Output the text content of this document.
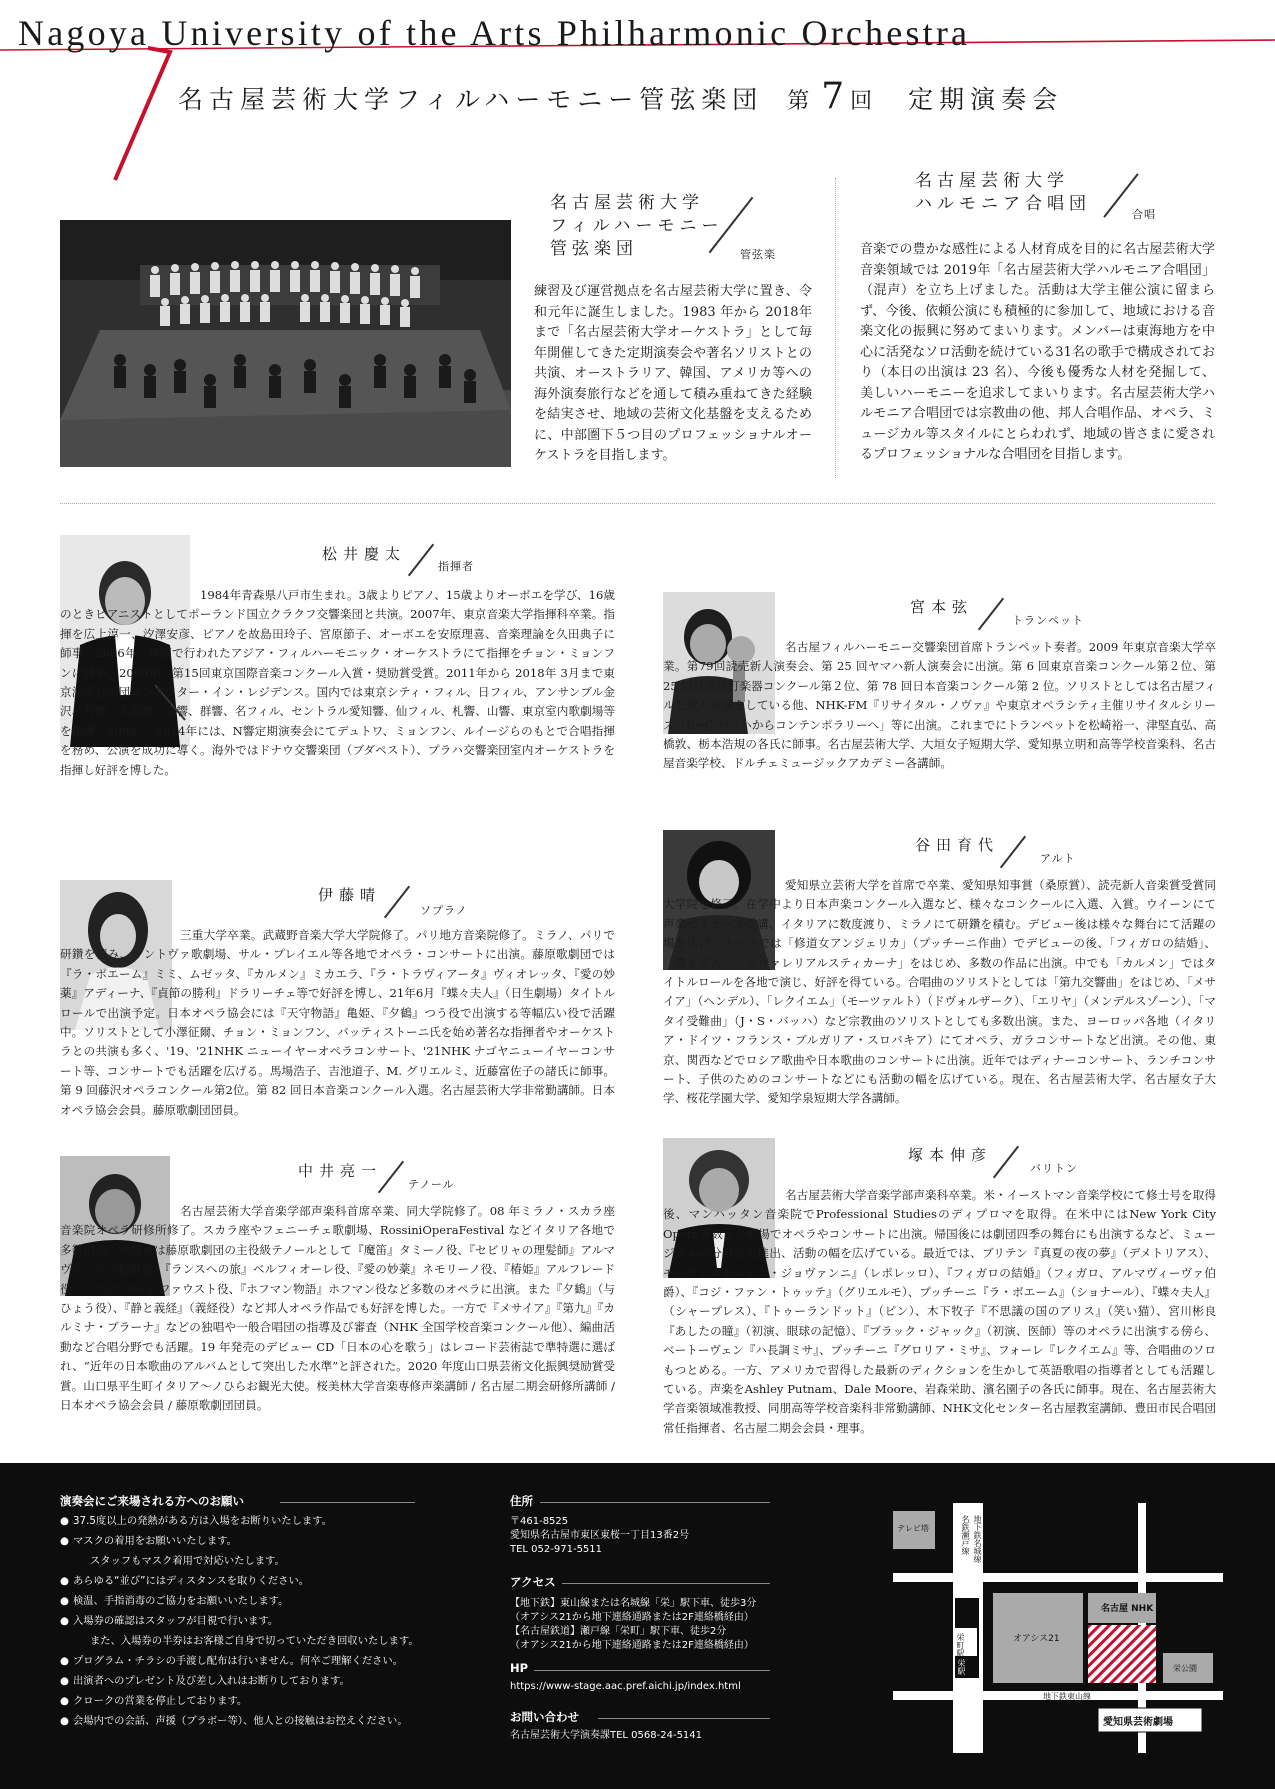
Nagoya University of the Arts Philharmonic Orchestra
名古屋芸術大学フィルハーモニー管弦楽団 第 7 回 定期演奏会
名古屋芸術大学
フィルハーモニー
管弦楽団	管弦楽
練習及び運営拠点を名古屋芸術大学に置き、令和元年に誕生しました。1983 年から 2018年まで「名古屋芸術大学オーケストラ」として毎年開催してきた定期演奏会や著名ソリストとの共演、オーストラリア、韓国、アメリカ等への海外演奏旅行などを通して積み重ねてきた経験を結実させ、地域の芸術文化基盤を支えるために、中部圏下５つ目のプロフェッショナルオーケストラを目指します。
名古屋芸術大学
ハルモニア合唱団
合唱
音楽での豊かな感性による人材育成を目的に名古屋芸術大学音楽領域では 2019年「名古屋芸術大学ハルモニア合唱団」（混声）を立ち上げました。活動は大学主催公演に留まらず、今後、依頼公演にも積極的に参加して、地域における音楽文化の振興に努めてまいります。メンバーは東海地方を中心に活発なソロ活動を続けている31名の歌手で構成されており（本日の出演は 23 名）、今後も優秀な人材を発掘して、美しいハーモニーを追求してまいります。名古屋芸術大学ハルモニア合唱団では宗教曲の他、邦人合唱作品、オペラ、ミュージカル等スタイルにとらわれず、地域の皆さまに愛されるプロフェッショナルな合唱団を目指します。
松井慶太
指揮者
1984年青森県八戸市生まれ。3歳よりピアノ、15歳よりオーボエを学び、16歳のときピアニストとしてポーランド国立クラクフ交響楽団と共演。2007年、東京音楽大学指揮科卒業。指揮を広上淳一、汐澤安彦、ピアノを故島田玲子、宮原節子、オーボエを安原理喜、音楽理論を久田典子に師事。2006年、韓国で行われたアジア・フィルハーモニック・オーケストラにて指揮をチョン・ミョンフンに師事。2009年、第15回東京国際音楽コンクール入賞・奨励賞受賞。2011年から 2018年 3月まで東京混声合唱団コンダクター・イン・レジデンス。国内では東京シティ・フィル、日フィル、アンサンブル金沢、九響、大阪響、京響、群響、名フィル、セントラル愛知響、仙フィル、札響、山響、東京室内歌劇場等を指揮。2008 ～ 2014年には、N響定期演奏会にてデュトワ、ミョンフン、ルイージらのもとで合唱指揮を務め、公演を成功に導く。海外ではドナウ交響楽団（ブダペスト）、プラハ交響楽団室内オーケストラを指揮し好評を博した。
伊藤晴
ソプラノ
三重大学卒業。武蔵野音楽大学大学院修了。パリ地方音楽院修了。ミラノ、パリで研鑽を積み、マントヴァ歌劇場、サル・プレイエル等各地でオペラ・コンサートに出演。藤原歌劇団では『ラ・ボエーム』ミミ、ムゼッタ、『カルメン』ミカエラ、『ラ・トラヴィアータ』ヴィオレッタ、『愛の妙薬』アディーナ、『貞節の勝利』ドラリーチェ等で好評を博し、21年6月『蝶々夫人』（日生劇場）タイトルロールで出演予定。日本オペラ協会には『天守物語』亀姫、『夕鶴』つう役で出演する等幅広い役で活躍中。ソリストとして小澤征爾、チョン・ミョンフン、バッティストーニ氏を始め著名な指揮者やオーケストラとの共演も多く、'19、'21NHK ニューイヤーオペラコンサート、'21NHK ナゴヤニューイヤーコンサート等、コンサートでも活躍を広げる。馬場浩子、吉池道子、M. グリエルミ、近藤富佐子の諸氏に師事。第 9 回藤沢オペラコンクール第2位。第 82 回日本音楽コンクール入選。名古屋芸術大学非常勤講師。日本オペラ協会会員。藤原歌劇団団員。
中井亮一
テノール
名古屋芸術大学音楽学部声楽科首席卒業、同大学院修了。08 年ミラノ・スカラ座音楽院オペラ研修所修了。スカラ座やフェニーチェ歌劇場、RossiniOperaFestival などイタリア各地で多数出演。帰国後は藤原歌劇団の主役級テノールとして『魔笛』タミーノ役、『セビリャの理髪師』アルマヴィーヴァ伯爵役、『ランスへの旅』ベルフィオーレ役、『愛の妙薬』ネモリーノ役、『椿姫』アルフレード役、『ファウスト』ファウスト役、『ホフマン物語』ホフマン役など多数のオペラに出演。また『夕鶴』（与ひょう役）、『静と義経』（義経役）など邦人オペラ作品でも好評を博した。一方で『メサイア』『第九』『カルミナ・ブラーナ』などの独唱や一般合唱団の指導及び審査（NHK 全国学校音楽コンクール他）、編曲活動など合唱分野でも活躍。19 年発売のデビュー CD「日本の心を歌う」はレコード芸術誌で準特選に選ばれ、“近年の日本歌曲のアルバムとして突出した水準”と評された。2020 年度山口県芸術文化振興奨励賞受賞。山口県平生町イタリア～ノひらお観光大使。桜美林大学音楽専修声楽講師 / 名古屋二期会研修所講師 / 日本オペラ協会会員 / 藤原歌劇団団員。
宮本弦
トランペット
名古屋フィルハーモニー交響楽団首席トランペット奏者。2009 年東京音楽大学卒業。第79回読売新人演奏会、第 25 回ヤマハ新人演奏会に出演。第 6 回東京音楽コンクール第２位、第 25 回日本管打楽器コンクール第２位、第 78 回日本音楽コンクール第 2 位。ソリストとしては名古屋フィルと度々共演をしている他、NHK-FM『リサイタル・ノヴァ』や東京オペラシティ主催リサイタルシリーズ「B→C バッハからコンテンポラリーへ」等に出演。これまでにトランペットを松崎裕一、津堅直弘、高橋敦、栃本浩規の各氏に師事。名古屋芸術大学、大垣女子短期大学、愛知県立明和高等学校音楽科、名古屋音楽学校、ドルチェミュージックアカデミー各講師。
谷田育代
アルト
愛知県立芸術大学を首席で卒業、愛知県知事賞（桑原賞）、読売新人音楽賞受賞同大学院を修了。在学中より日本声楽コンクール入選など、様々なコンクールに入選、入賞。ウイーンにて声楽ゼミナール受講、イタリアに数度渡り、ミラノにて研鑽を積む。デビュー後は様々な舞台にて活躍の場を広げ、オペラでは「修道女アンジェリカ」（プッチーニ作曲）でデビューの後、「フィガロの結婚」、「蝶々夫人」、「カヴァレリアルスティカーナ」をはじめ、多数の作品に出演。中でも「カルメン」ではタイトルロールを各地で演じ、好評を得ている。合唱曲のソリストとしては「第九交響曲」をはじめ、「メサイア」（ヘンデル）、「レクイエム」（モーツァルト）（ドヴォルザーク）、「エリヤ」（メンデルスゾーン）、「マタイ受難曲」（J・S・バッハ）など宗教曲のソリストとしても多数出演。また、ヨーロッパ各地（イタリア・ドイツ・フランス・ブルガリア・スロバキア）にてオペラ、ガラコンサートなど出演。その他、東京、関西などでロシア歌曲や日本歌曲のコンサートに出演。近年ではディナーコンサート、ランチコンサート、子供のためのコンサートなどにも活動の幅を広げている。現在、名古屋芸術大学、名古屋女子大学、桜花学園大学、愛知学泉短期大学各講師。
塚本伸彦
バリトン
名古屋芸術大学音楽学部声楽科卒業。米・イーストマン音楽学校にて修士号を取得後、マンハッタン音楽院でProfessional Studiesのディプロマを取得。在米中にはNew York City Opera等数々の劇場でオペラやコンサートに出演。帰国後には劇団四季の舞台にも出演するなど、ミュージカルの分野にも進出、活動の幅を広げている。最近では、ブリテン『真夏の夜の夢』（デメトリアス）、モーツァルト『ドン・ジョヴァンニ』（レポレッロ）、『フィガロの結婚』（フィガロ、アルマヴィーヴァ伯爵）、『コジ・ファン・トゥッテ』（グリエルモ）、プッチーニ『ラ・ボエーム』（ショナール）、『蝶々夫人』（シャープレス）、『トゥーランドット』（ピン）、木下牧子『不思議の国のアリス』（笑い猫）、宮川彬良『あしたの瞳』（初演、眼球の記憶）、『ブラック・ジャック』（初演、医師）等のオペラに出演する傍ら、ベートーヴェン『ハ長調ミサ』、プッチーニ『グロリア・ミサ』、フォーレ『レクイエム』等、合唱曲のソロもつとめる。一方、アメリカで習得した最新のディクションを生かして英語歌唱の指導者としても活躍している。声楽をAshley Putnam、Dale Moore、岩森栄助、濱名園子の各氏に師事。現在、名古屋芸術大学音楽領域准教授、同朋高等学校音楽科非常勤講師、NHK文化センター名古屋教室講師、豊田市民合唱団常任指揮者、名古屋二期会会員・理事。
演奏会にご来場される方へのお願い
● 37.5度以上の発熱がある方は入場をお断りいたします。
● マスクの着用をお願いいたします。
スタッフもマスク着用で対応いたします。
● あらゆる“並び”にはディスタンスを取りください。
● 検温、手指消毒のご協力をお願いいたします。
● 入場券の確認はスタッフが目視で行います。
また、入場券の半券はお客様ご自身で切っていただき回収いたします。
● プログラム・チラシの手渡し配布は行いません。何卒ご理解ください。
● 出演者へのプレゼント及び差し入れはお断りしております。
● クロークの営業を停止しております。
● 会場内での会話、声援（ブラボー等）、他人との接触はお控えください。
住所
〒461-8525
愛知県名古屋市東区東桜一丁目13番2号
TEL 052-971-5511
アクセス
【地下鉄】東山線または名城線「栄」駅下車、徒歩3分
（オアシス21から地下連絡通路または2F連絡橋経由）
【名古屋鉄道】瀬戸線「栄町」駅下車、徒歩2分
（オアシス21から地下連絡通路または2F連絡橋経由）
HP
https://www-stage.aac.pref.aichi.jp/index.html
お問い合わせ
名古屋芸術大学演奏課TEL 0568-24-5141
テレビ塔
オアシス21
名古屋 NHK
栄公園
名鉄瀬戸線 地下鉄名城線
栄町駅
栄駅
地下鉄東山線
愛知県芸術劇場
